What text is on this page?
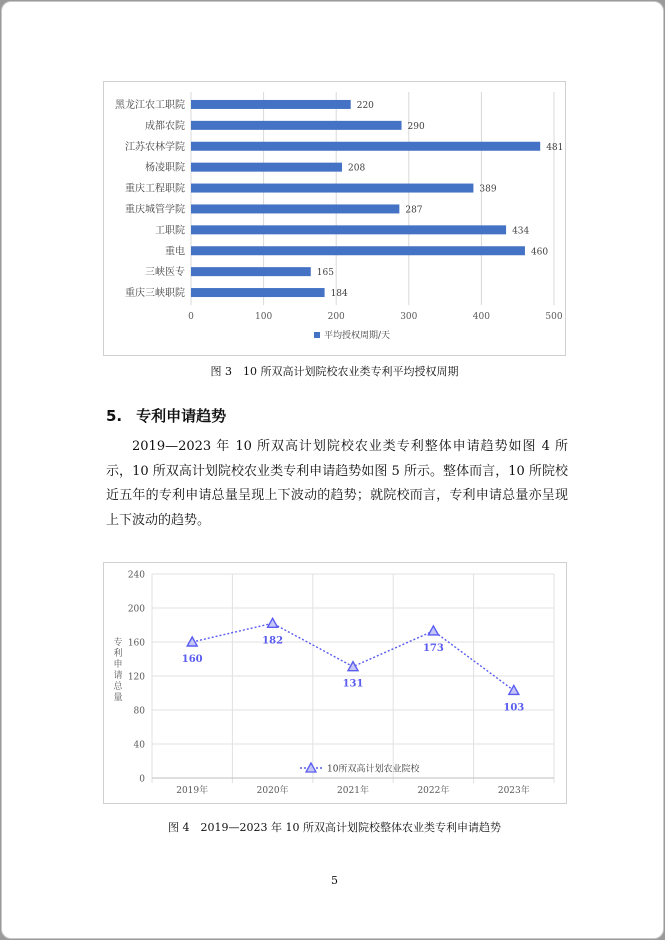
0	100	200	300	400	500
黑龙江农工职院	220
成都农院	290
江苏农林学院	481
杨凌职院	208
重庆工程职院	389
重庆城管学院	287
工职院	434
重电	460
三峡医专	165
重庆三峡职院	184
平均授权周期/天
图 3　10 所双高计划院校农业类专利平均授权周期
5. 专利申请趋势
2019—2023 年 10 所双高计划院校农业类专利整体申请趋势如图 4 所示，10 所双高计划院校农业类专利申请趋势如图 5 所示。整体而言，10 所院校近五年的专利申请总量呈现上下波动的趋势；就院校而言，专利申请总量亦呈现上下波动的趋势。
0
40
80
120
160
200
240
2019年	2020年	2021年	2022年	2023年
专利申请总量
160
182
131
173
103
10所双高计划农业院校
图 4　2019—2023 年 10 所双高计划院校整体农业类专利申请趋势
5
